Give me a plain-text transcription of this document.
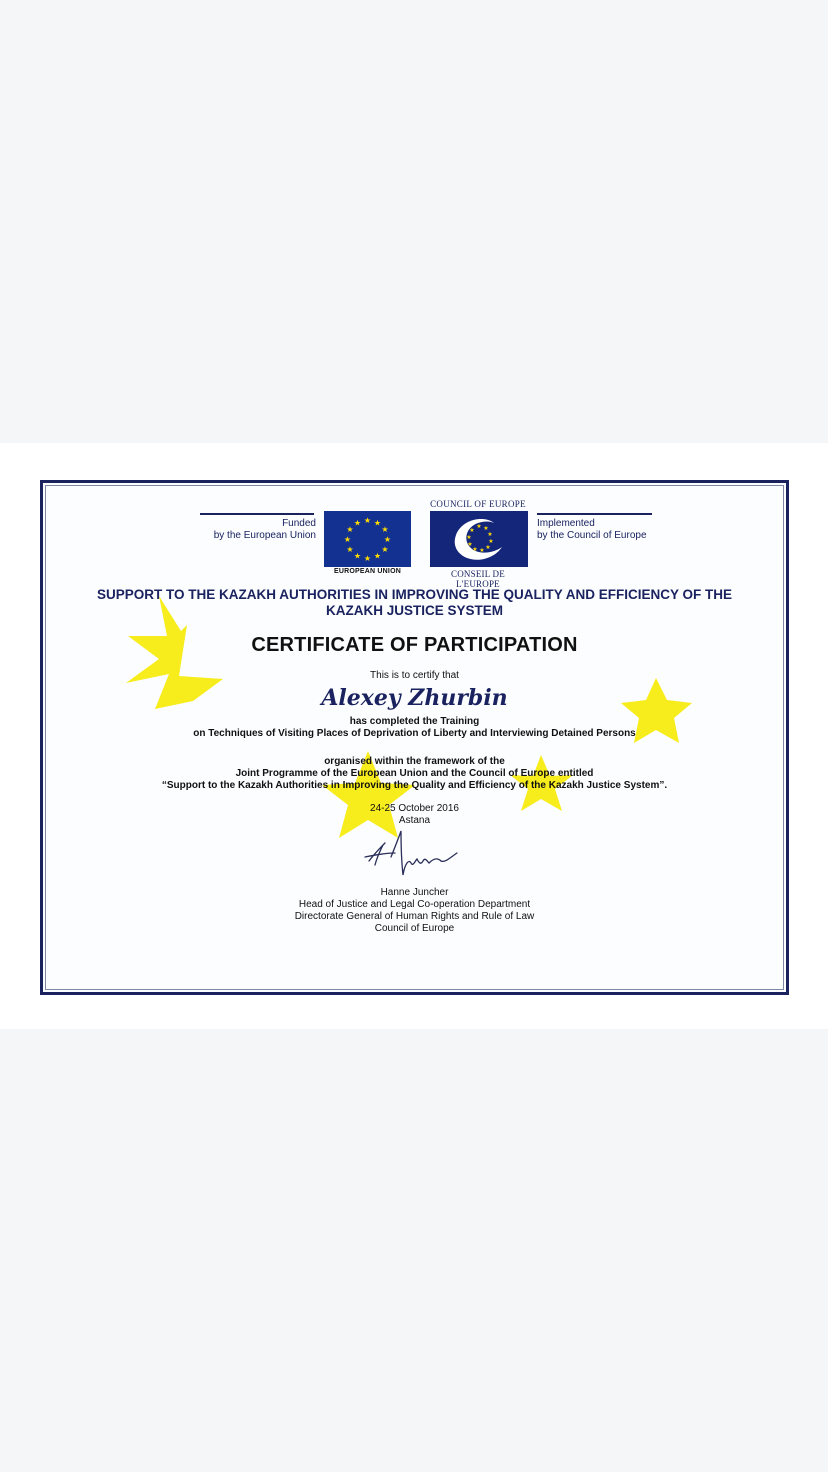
Funded
by the European Union
★ ★
★
★
★
★
★
★
★
★
★
★
EUROPEAN UNION
COUNCIL OF EUROPE
★ ★
★
★
★
★
★
★
★
★
CONSEIL DE L'EUROPE
Implemented
by the Council of Europe
SUPPORT TO THE KAZAKH AUTHORITIES IN IMPROVING THE QUALITY AND EFFICIENCY OF THE
KAZAKH JUSTICE SYSTEM
CERTIFICATE OF PARTICIPATION
This is to certify that
Alexey Zhurbin
has completed the Training
on Techniques of Visiting Places of Deprivation of Liberty and Interviewing Detained Persons
organised within the framework of the
Joint Programme of the European Union and the Council of Europe entitled
“Support to the Kazakh Authorities in Improving the Quality and Efficiency of the Kazakh Justice System”.
24-25 October 2016
Astana
Hanne Juncher
Head of Justice and Legal Co-operation Department
Directorate General of Human Rights and Rule of Law
Council of Europe
